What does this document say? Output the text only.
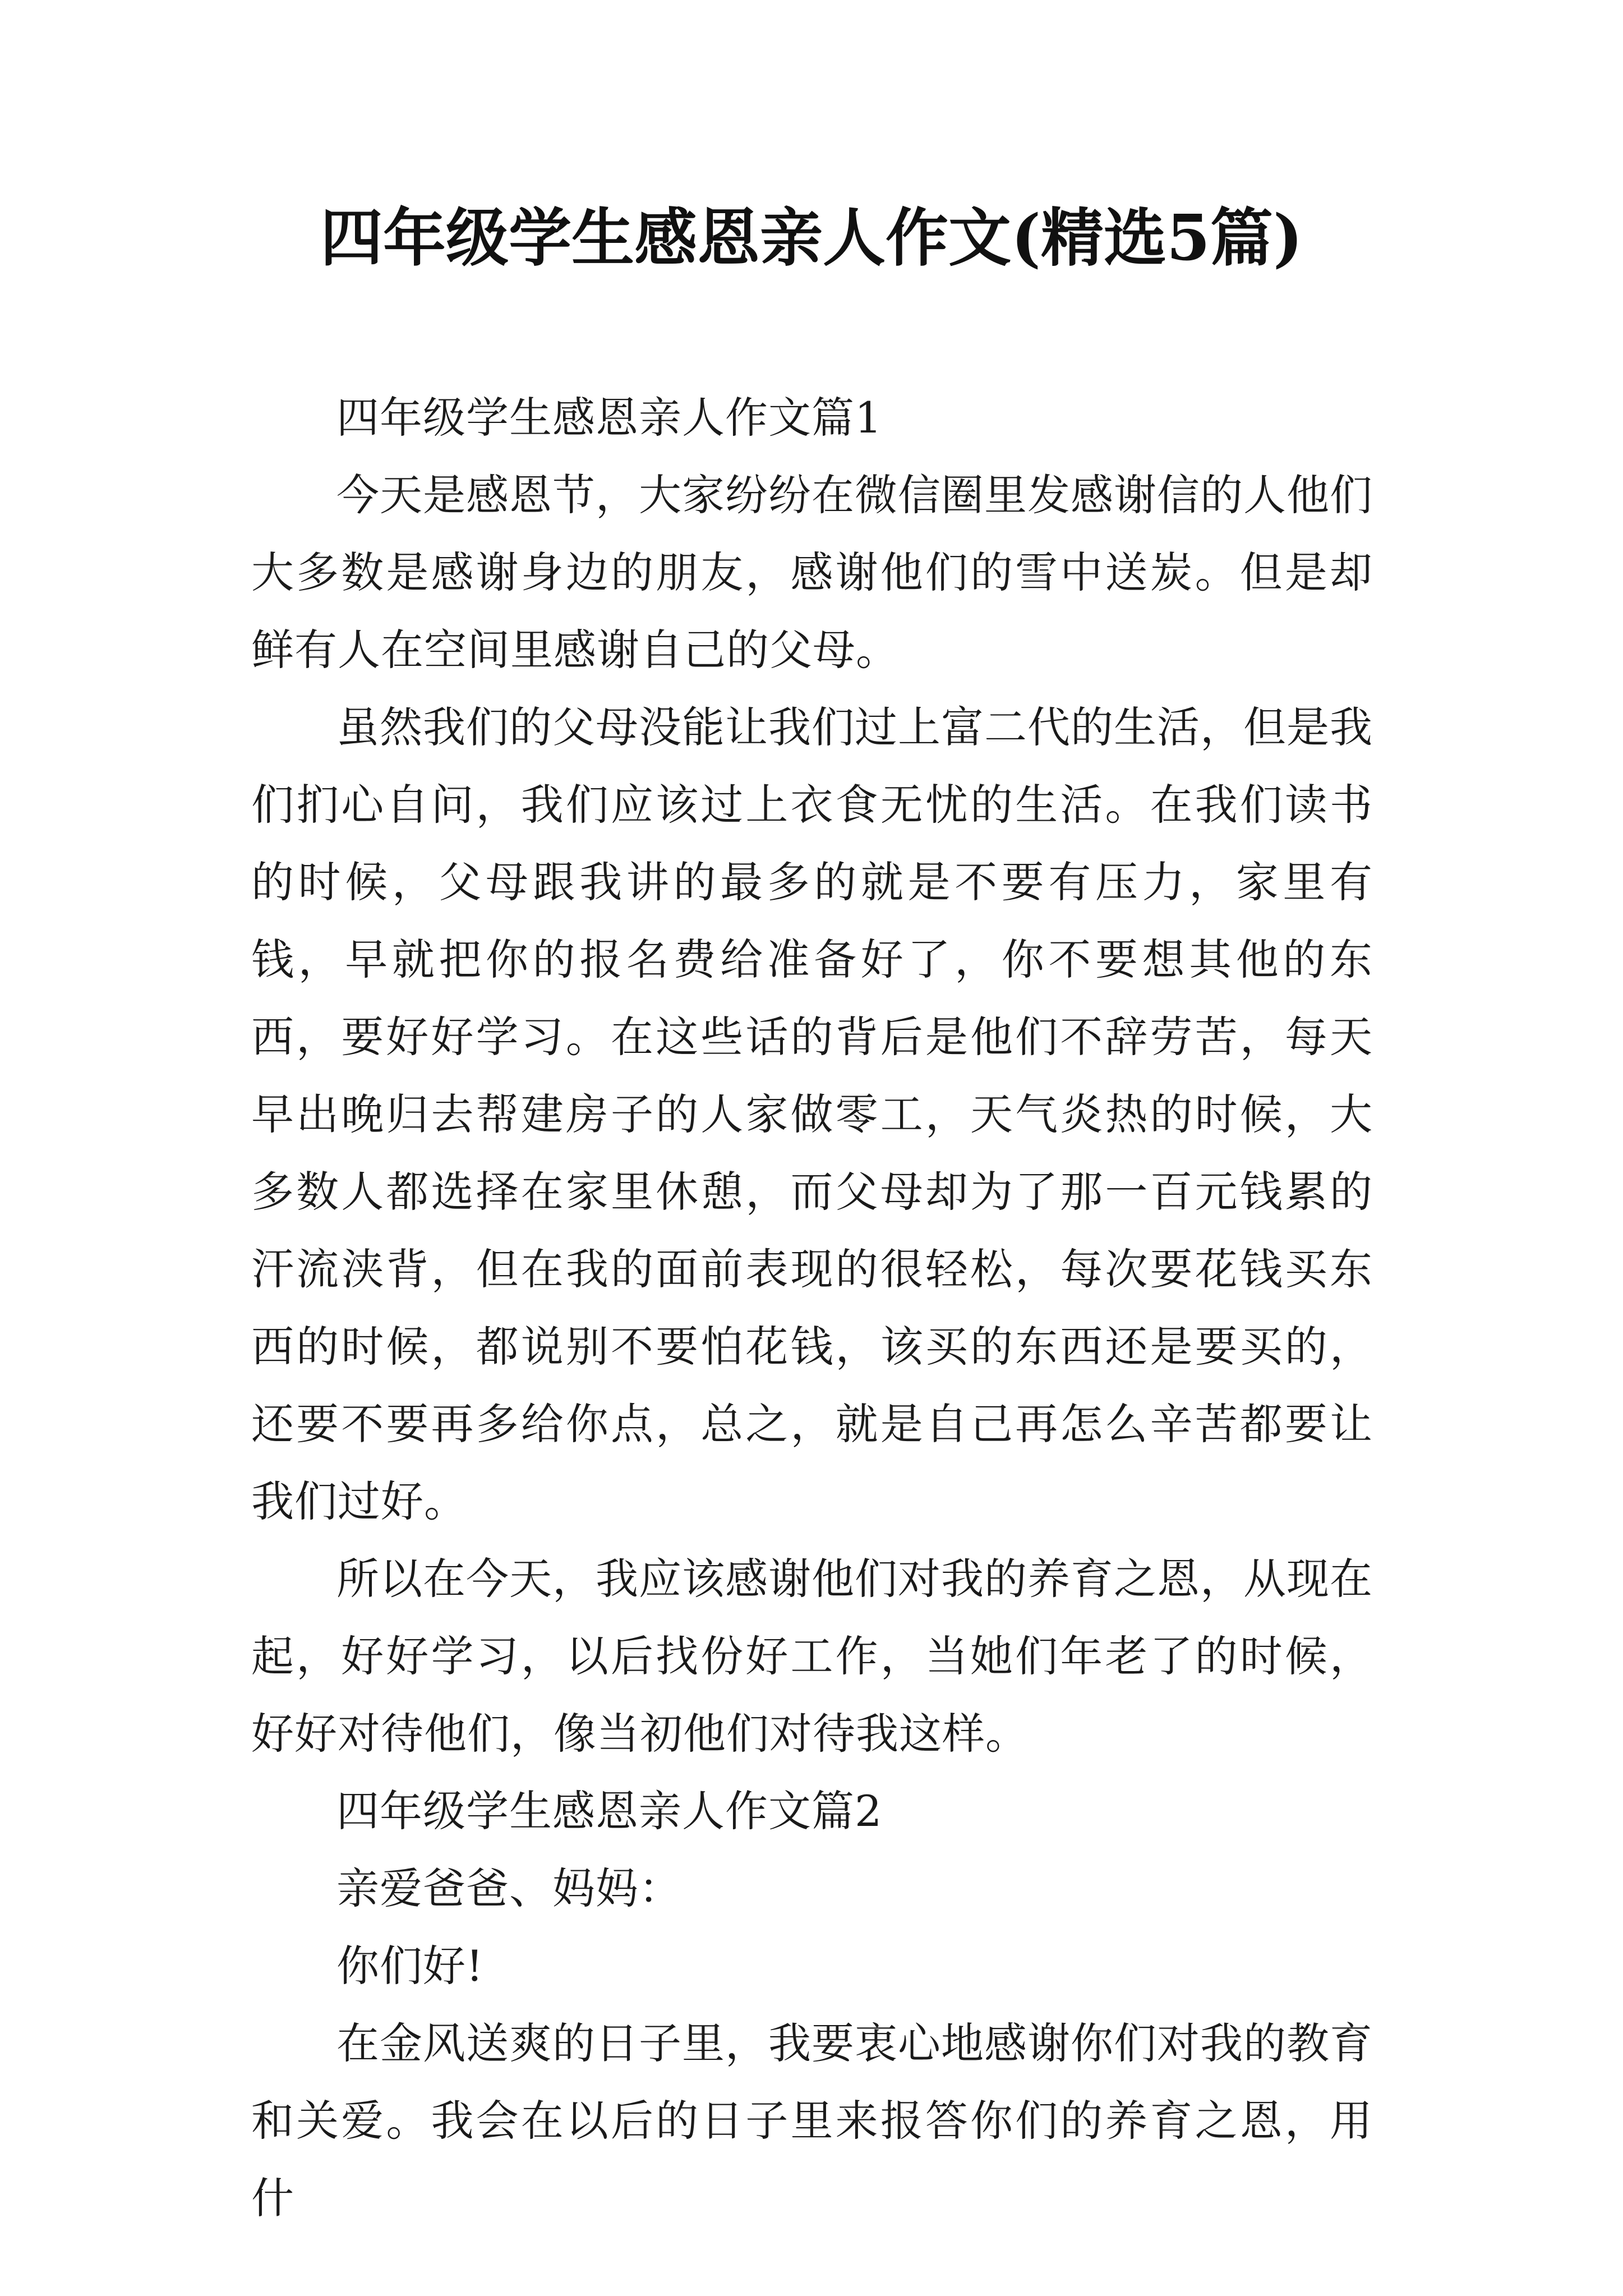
四年级学生感恩亲人作文(精选5篇)

四年级学生感恩亲人作文篇1

今天是感恩节，大家纷纷在微信圈里发感谢信的人他们大多数是感谢身边的朋友，感谢他们的雪中送炭。但是却鲜有人在空间里感谢自己的父母。

虽然我们的父母没能让我们过上富二代的生活，但是我们扪心自问，我们应该过上衣食无忧的生活。在我们读书的时候，父母跟我讲的最多的就是不要有压力，家里有钱，早就把你的报名费给准备好了，你不要想其他的东西，要好好学习。在这些话的背后是他们不辞劳苦，每天早出晚归去帮建房子的人家做零工，天气炎热的时候，大多数人都选择在家里休憩，而父母却为了那一百元钱累的汗流浃背，但在我的面前表现的很轻松，每次要花钱买东西的时候，都说别不要怕花钱，该买的东西还是要买的，还要不要再多给你点，总之，就是自己再怎么辛苦都要让我们过好。

所以在今天，我应该感谢他们对我的养育之恩，从现在起，好好学习，以后找份好工作，当她们年老了的时候，好好对待他们，像当初他们对待我这样。

四年级学生感恩亲人作文篇2

亲爱爸爸、妈妈：

你们好!

在金风送爽的日子里，我要衷心地感谢你们对我的教育和关爱。我会在以后的日子里来报答你们的养育之恩，用什
